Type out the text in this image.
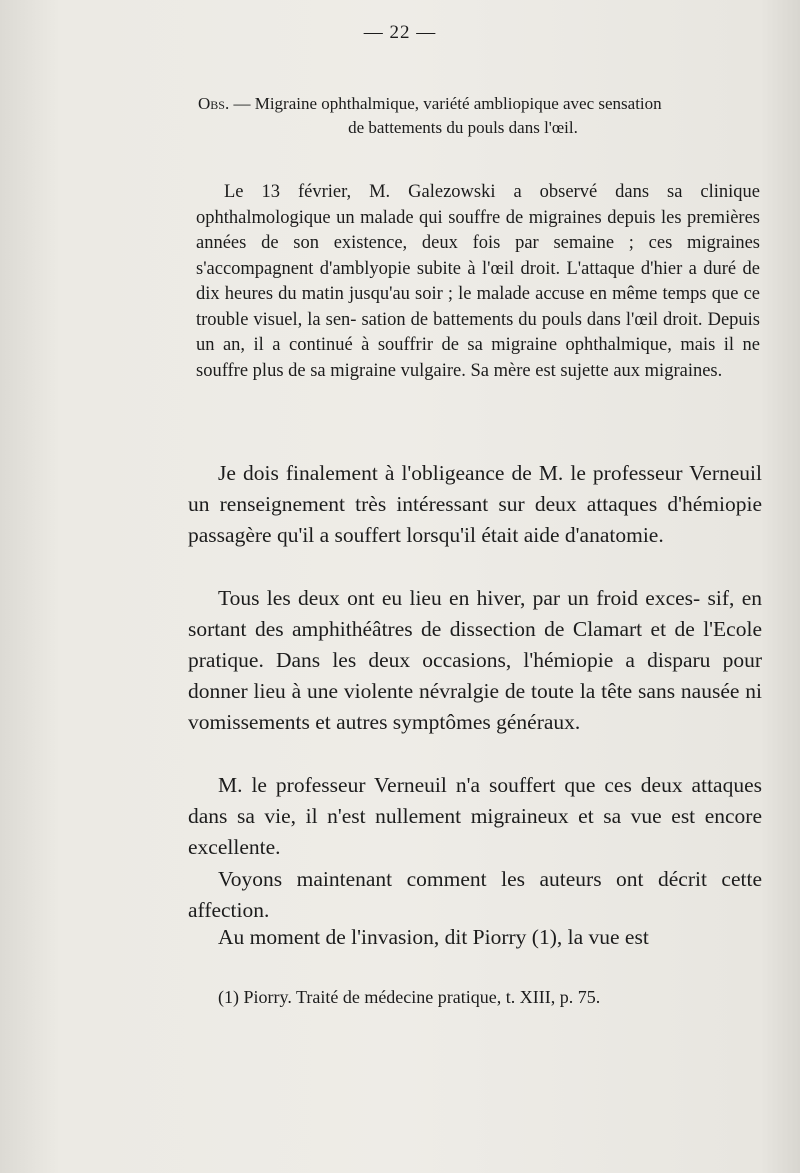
— 22 —
Obs. — Migraine ophthalmique, variété ambliopique avec sensation
de battements du pouls dans l'œil.
Le 13 février, M. Galezowski a observé dans sa clinique ophthalmologique un malade qui souffre de migraines depuis les premières années de son existence, deux fois par semaine ; ces migraines s'accompagnent d'amblyopie subite à l'œil droit. L'attaque d'hier a duré de dix heures du matin jusqu'au soir ; le malade accuse en même temps que ce trouble visuel, la sen- sation de battements du pouls dans l'œil droit. Depuis un an, il a continué à souffrir de sa migraine ophthalmique, mais il ne souffre plus de sa migraine vulgaire. Sa mère est sujette aux migraines.
Je dois finalement à l'obligeance de M. le professeur Verneuil un renseignement très intéressant sur deux attaques d'hémiopie passagère qu'il a souffert lorsqu'il était aide d'anatomie.
Tous les deux ont eu lieu en hiver, par un froid exces- sif, en sortant des amphithéâtres de dissection de Clamart et de l'Ecole pratique. Dans les deux occasions, l'hémiopie a disparu pour donner lieu à une violente névralgie de toute la tête sans nausée ni vomissements et autres symptômes généraux.
M. le professeur Verneuil n'a souffert que ces deux attaques dans sa vie, il n'est nullement migraineux et sa vue est encore excellente.
Voyons maintenant comment les auteurs ont décrit cette affection.
Au moment de l'invasion, dit Piorry (1), la vue est
(1) Piorry. Traité de médecine pratique, t. XIII, p. 75.
